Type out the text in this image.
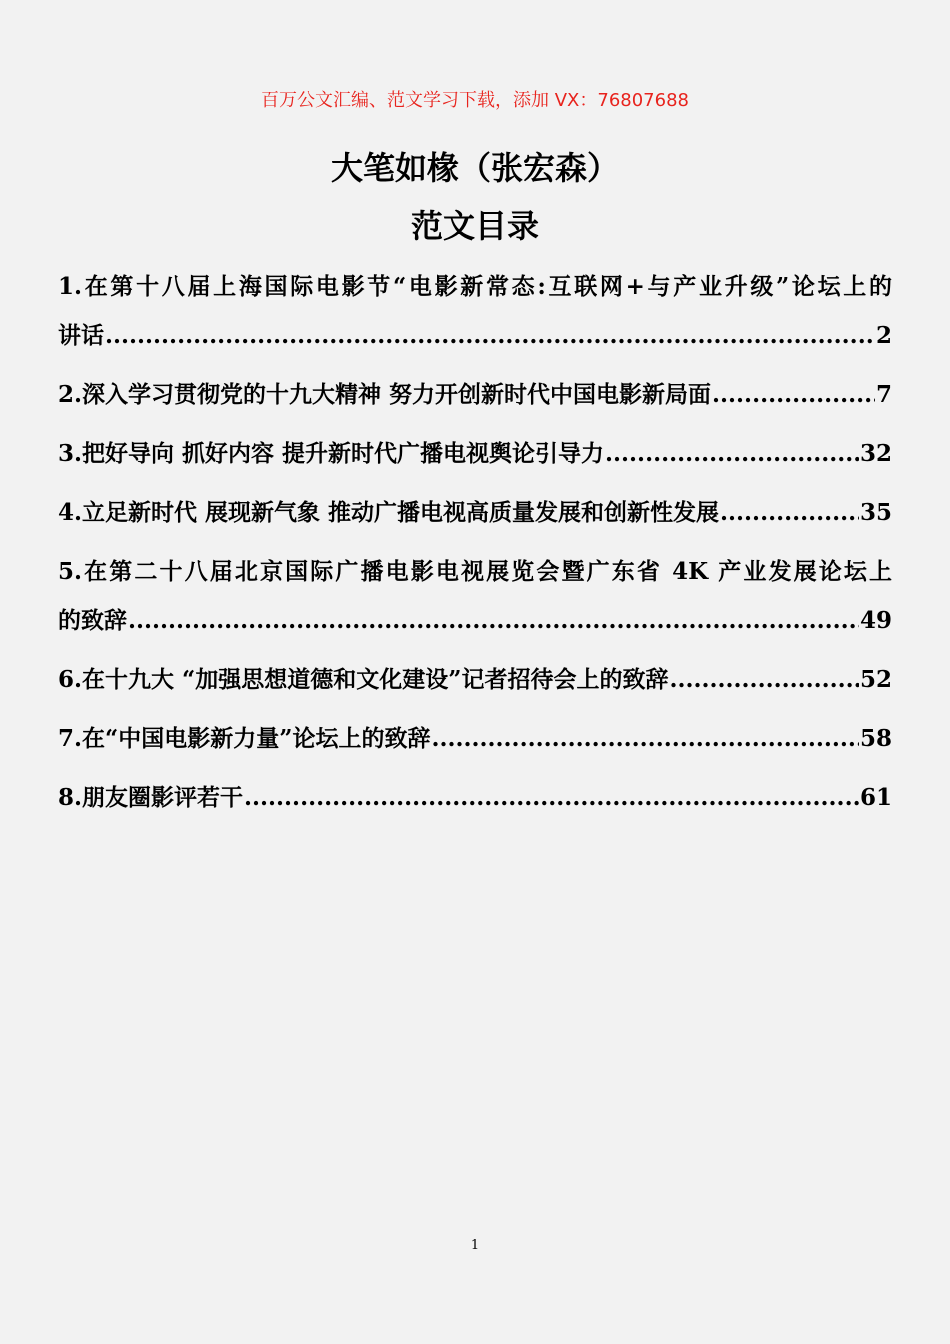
百万公文汇编、范文学习下载，添加 VX：76807688
大笔如椽（张宏森）
范文目录
1.在第十八届上海国际电影节“电影新常态:互联网+与产业升级”论坛上的
讲话 .....	2
2.深入学习贯彻党的十九大精神 努力开创新时代中国电影新局面 .....	7
3.把好导向 抓好内容 提升新时代广播电视舆论引导力 .....	32
4.立足新时代 展现新气象 推动广播电视高质量发展和创新性发展 .....	35
5.在第二十八届北京国际广播电影电视展览会暨广东省 4K 产业发展论坛上
的致辞 .....	49
6.在十九大 “加强思想道德和文化建设”记者招待会上的致辞 .....	52
7.在“中国电影新力量”论坛上的致辞 .....	58
8.朋友圈影评若干 .....	61
1
